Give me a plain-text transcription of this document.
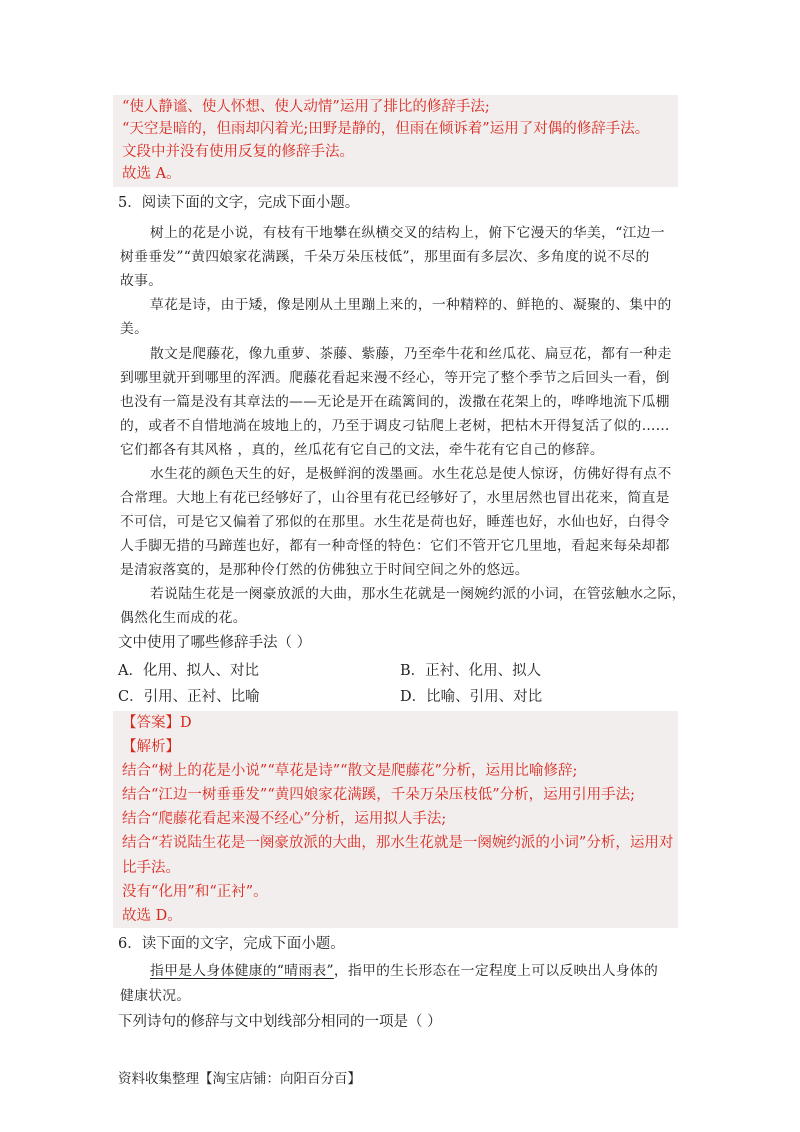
“使人静谧、使人怀想、使人动情”运用了排比的修辞手法;
“天空是暗的，但雨却闪着光;田野是静的，但雨在倾诉着”运用了对偶的修辞手法。
文段中并没有使用反复的修辞手法。
故选 A。
5．阅读下面的文字，完成下面小题。
树上的花是小说，有枝有干地攀在纵横交叉的结构上，俯下它漫天的华美，“江边一
树垂垂发”“黄四娘家花满蹊，千朵万朵压枝低”，那里面有多层次、多角度的说不尽的
故事。
草花是诗，由于矮，像是刚从土里蹦上来的，一种精粹的、鲜艳的、凝聚的、集中的
美。
散文是爬藤花，像九重萝、茶藤、紫藤，乃至牵牛花和丝瓜花、扁豆花，都有一种走
到哪里就开到哪里的浑洒。爬藤花看起来漫不经心，等开完了整个季节之后回头一看，倒
也没有一篇是没有其章法的——无论是开在疏篱间的，泼撒在花架上的，哗哗地流下瓜棚
的，或者不自惜地淌在坡地上的，乃至于调皮刁钻爬上老树，把枯木开得复活了似的……
它们都各有其风格 ，真的，丝瓜花有它自己的文法，牵牛花有它自己的修辞。
水生花的颜色天生的好，是极鲜润的泼墨画。水生花总是使人惊讶，仿佛好得有点不
合常理。大地上有花已经够好了，山谷里有花已经够好了，水里居然也冒出花来，简直是
不可信，可是它又偏着了邪似的在那里。水生花是荷也好，睡莲也好，水仙也好，白得令
人手脚无措的马蹄莲也好，都有一种奇怪的特色：它们不管开它几里地，看起来每朵却都
是清寂落寞的，是那种伶仃然的仿佛独立于时间空间之外的悠远。
若说陆生花是一阕豪放派的大曲，那水生花就是一阕婉约派的小词，在管弦触水之际，
偶然化生而成的花。
文中使用了哪些修辞手法（ ）
A．化用、拟人、对比	B．正衬、化用、拟人
C．引用、正衬、比喻	D．比喻、引用、对比
【答案】D
【解析】
结合“树上的花是小说”“草花是诗”“散文是爬藤花”分析，运用比喻修辞;
结合“江边一树垂垂发”“黄四娘家花满蹊，千朵万朵压枝低”分析，运用引用手法;
结合“爬藤花看起来漫不经心”分析，运用拟人手法;
结合“若说陆生花是一阕豪放派的大曲，那水生花就是一阕婉约派的小词”分析，运用对
比手法。
没有“化用”和“正衬”。
故选 D。
6．读下面的文字，完成下面小题。
指甲是人身体健康的“晴雨表”，指甲的生长形态在一定程度上可以反映出人身体的
健康状况。
下列诗句的修辞与文中划线部分相同的一项是（ ）
资料收集整理【淘宝店铺：向阳百分百】
